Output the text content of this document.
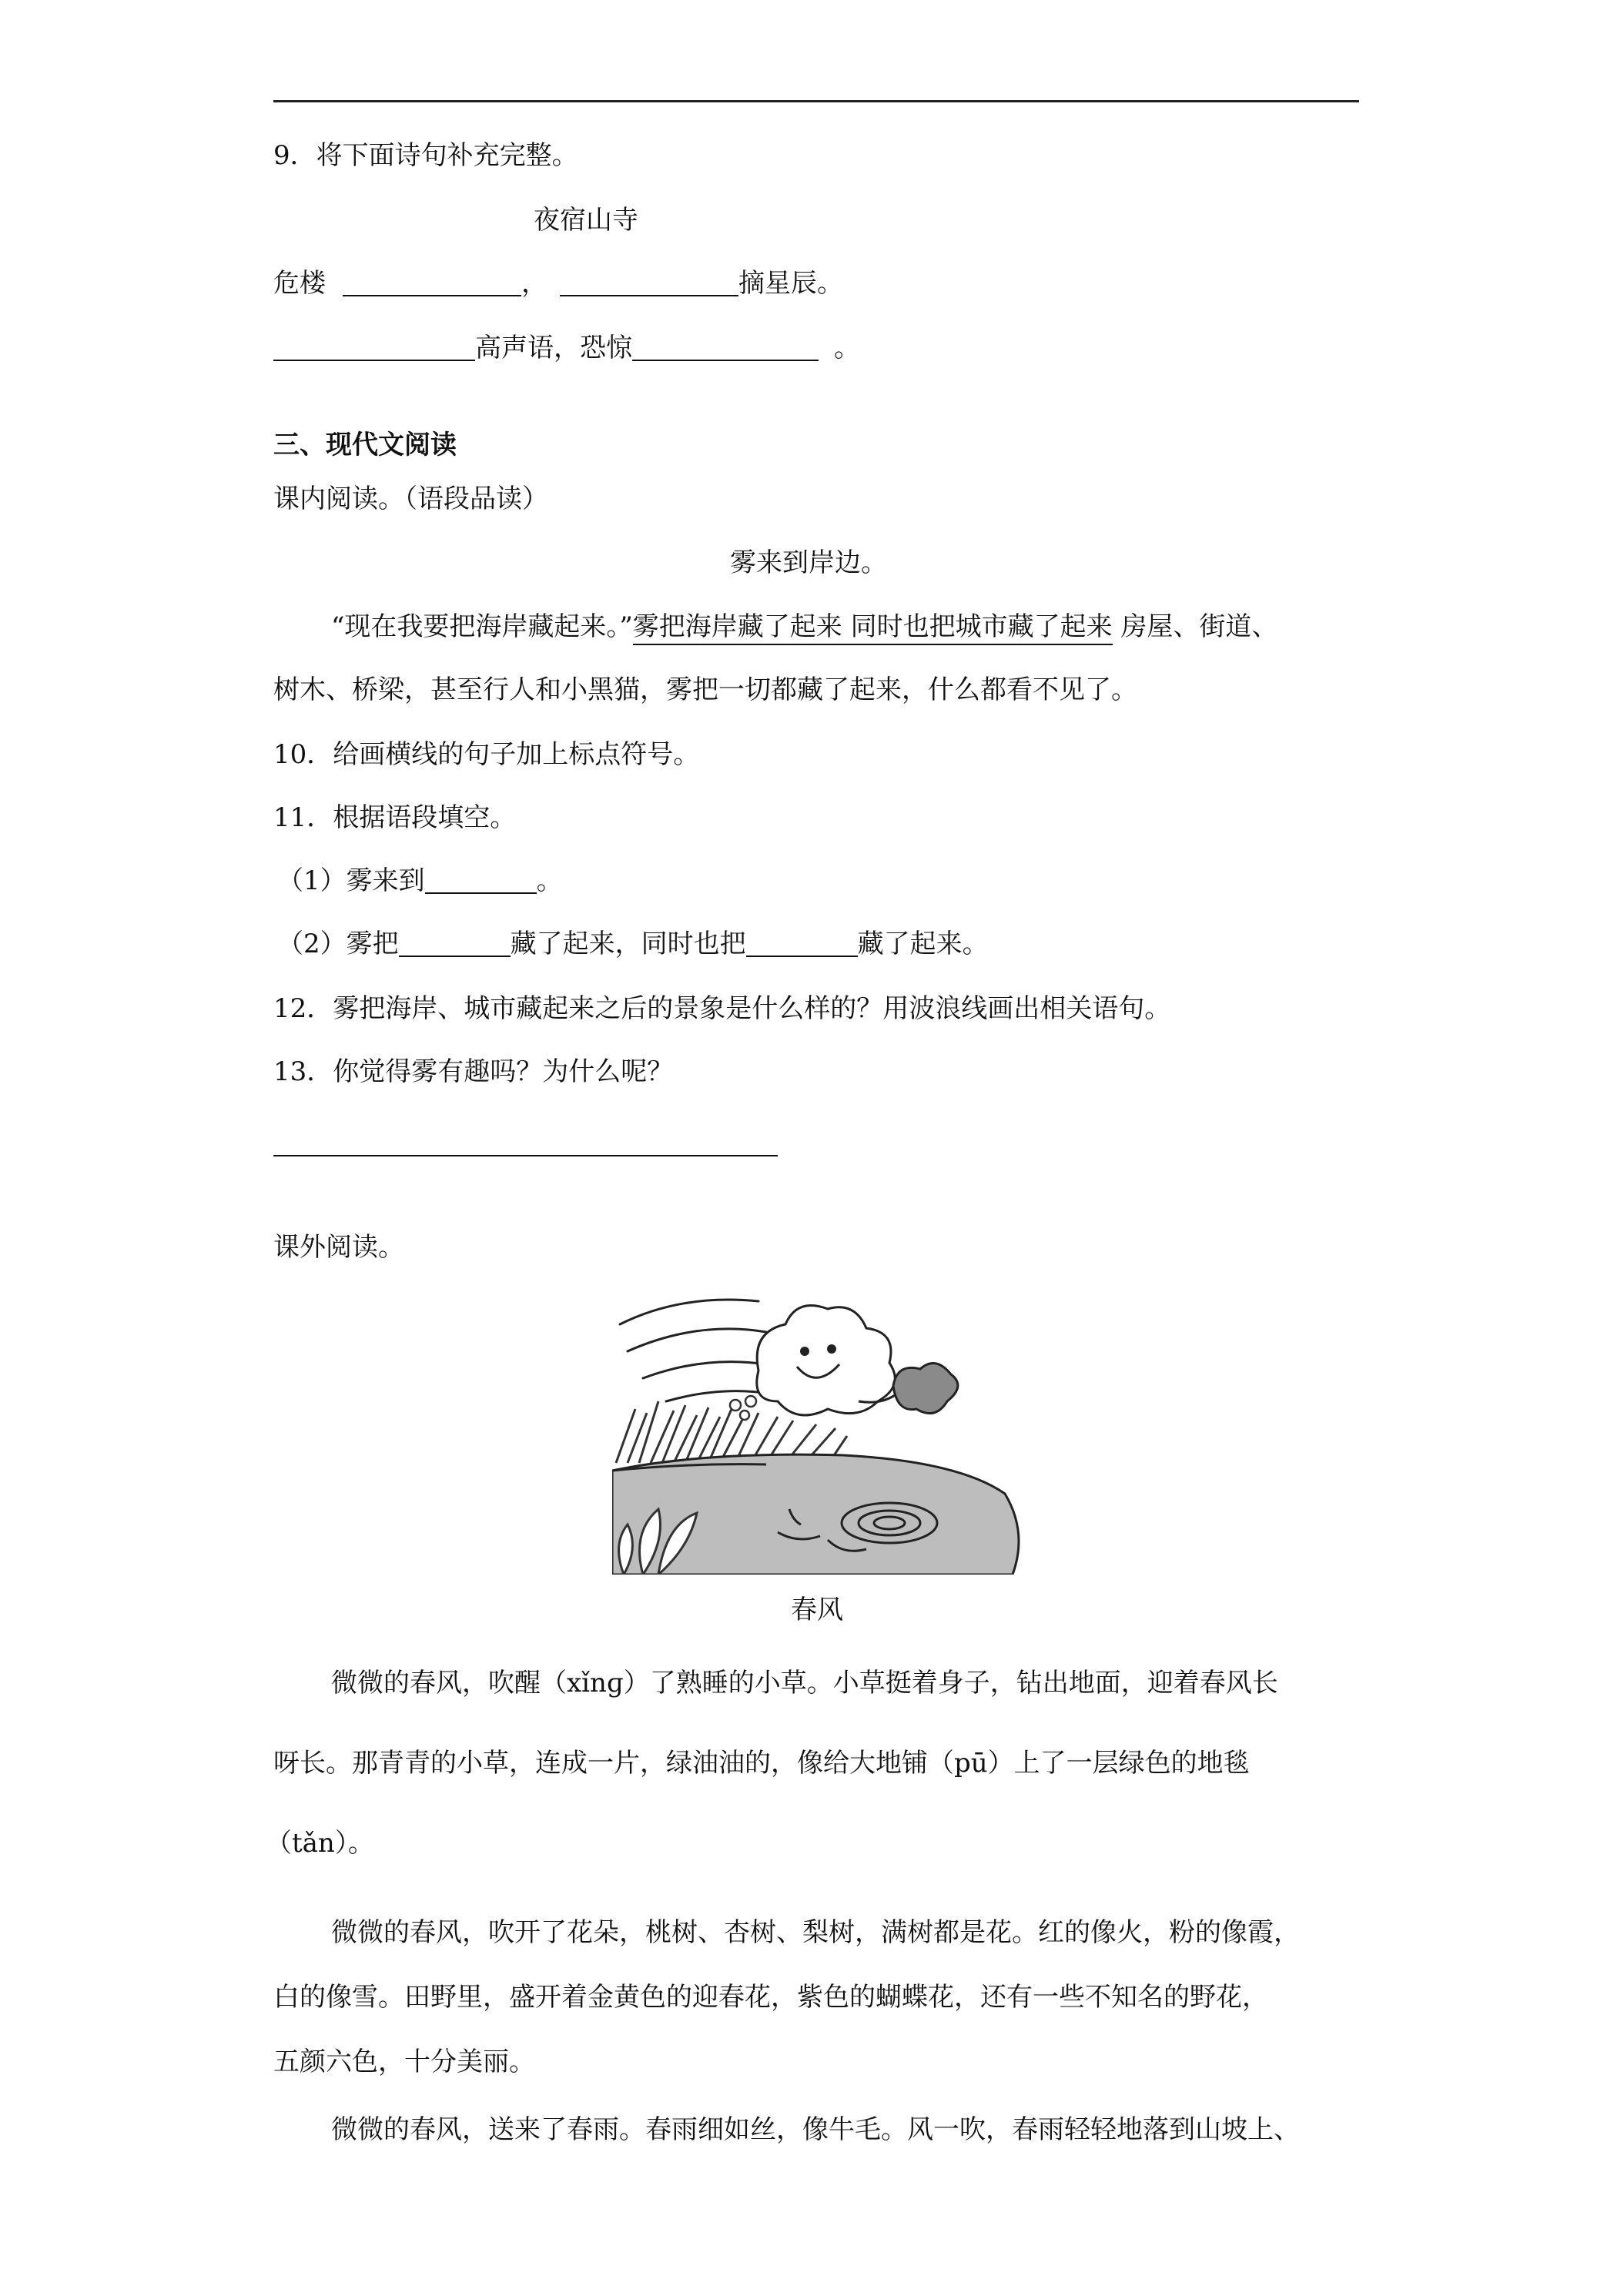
9．将下面诗句补充完整。
夜宿山寺
危楼	，	摘星辰。
高声语，恐惊	。
三、现代文阅读
课内阅读。（语段品读）
雾来到岸边。
“现在我要把海岸藏起来。”雾把海岸藏了起来 同时也把城市藏了起来 房屋、街道、
树木、桥梁，甚至行人和小黑猫，雾把一切都藏了起来，什么都看不见了。
10．给画横线的句子加上标点符号。
11．根据语段填空。
（1）雾来到	。
（2）雾把	藏了起来，同时也把	藏了起来。
12．雾把海岸、城市藏起来之后的景象是什么样的？用波浪线画出相关语句。
13．你觉得雾有趣吗？为什么呢？
课外阅读。
春风
微微的春风，吹醒（xǐnɡ）了熟睡的小草。小草挺着身子，钻出地面，迎着春风长
呀长。那青青的小草，连成一片，绿油油的，像给大地铺（pū）上了一层绿色的地毯
（tǎn）。
微微的春风，吹开了花朵，桃树、杏树、梨树，满树都是花。红的像火，粉的像霞，
白的像雪。田野里，盛开着金黄色的迎春花，紫色的蝴蝶花，还有一些不知名的野花，
五颜六色，十分美丽。
微微的春风，送来了春雨。春雨细如丝，像牛毛。风一吹，春雨轻轻地落到山坡上、
